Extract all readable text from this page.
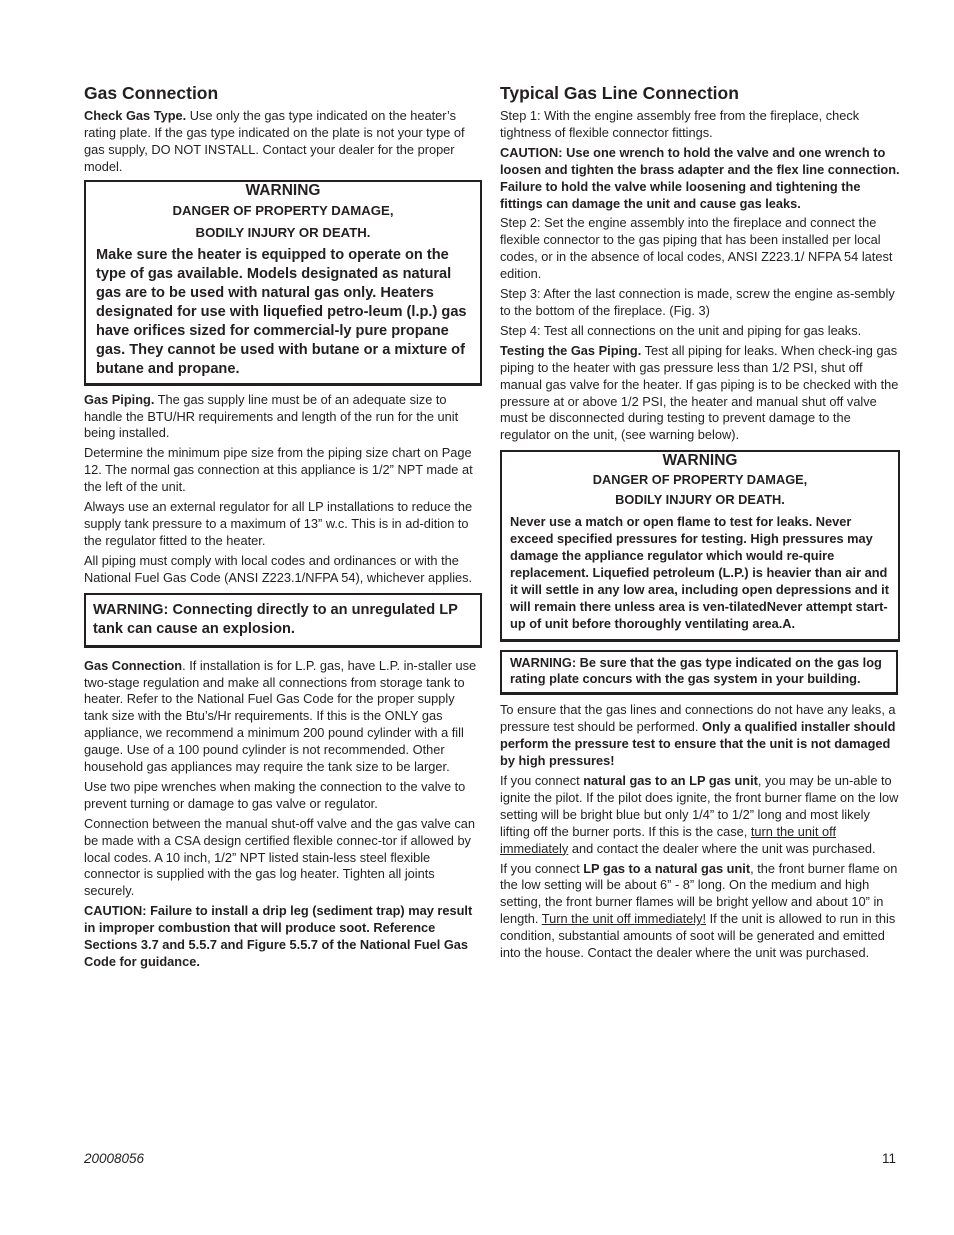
Gas Connection

Check Gas Type. Use only the gas type indicated on the heater’s rating plate. If the gas type indicated on the plate is not your type of gas supply, DO NOT INSTALL. Contact your dealer for the proper model.

WARNING
DANGER OF PROPERTY DAMAGE,
BODILY INJURY OR DEATH.
Make sure the heater is equipped to operate on the type of gas available. Models designated as natural gas are to be used with natural gas only. Heaters designated for use with liquefied petro-leum (l.p.) gas have orifices sized for commercial-ly pure propane gas. They cannot be used with butane or a mixture of butane and propane.

Gas Piping. The gas supply line must be of an adequate size to handle the BTU/HR requirements and length of the run for the unit being installed.

Determine the minimum pipe size from the piping size chart on Page 12. The normal gas connection at this appliance is 1/2” NPT made at the left of the unit.

Always use an external regulator for all LP installations to reduce the supply tank pressure to a maximum of 13” w.c. This is in ad-dition to the regulator fitted to the heater.

All piping must comply with local codes and ordinances or with the National Fuel Gas Code (ANSI Z223.1/NFPA 54), whichever applies.

WARNING: Connecting directly to an unregulated LP tank can cause an explosion.

Gas Connection. If installation is for L.P. gas, have L.P. in-staller use two-stage regulation and make all connections from storage tank to heater. Refer to the National Fuel Gas Code for the proper supply tank size with the Btu’s/Hr requirements. If this is the ONLY gas appliance, we recommend a minimum 200 pound cylinder with a fill gauge. Use of a 100 pound cylinder is not recommended. Other household gas appliances may require the tank size to be larger.

Use two pipe wrenches when making the connection to the valve to prevent turning or damage to gas valve or regulator.

Connection between the manual shut-off valve and the gas valve can be made with a CSA design certified flexible connec-tor if allowed by local codes. A 10 inch, 1/2” NPT listed stain-less steel flexible connector is supplied with the gas log heater. Tighten all joints securely.

CAUTION: Failure to install a drip leg (sediment trap) may result in improper combustion that will produce soot. Reference Sections 3.7 and 5.5.7 and Figure 5.5.7 of the National Fuel Gas Code for guidance.

Typical Gas Line Connection

Step 1: With the engine assembly free from the fireplace, check tightness of flexible connector fittings.

CAUTION: Use one wrench to hold the valve and one wrench to loosen and tighten the brass adapter and the flex line connection. Failure to hold the valve while loosening and tightening the fittings can damage the unit and cause gas leaks.

Step 2: Set the engine assembly into the fireplace and connect the flexible connector to the gas piping that has been installed per local codes, or in the absence of local codes, ANSI Z223.1/ NFPA 54 latest edition.

Step 3: After the last connection is made, screw the engine as-sembly to the bottom of the fireplace. (Fig. 3)

Step 4: Test all connections on the unit and piping for gas leaks.

Testing the Gas Piping. Test all piping for leaks. When check-ing gas piping to the heater with gas pressure less than 1/2 PSI, shut off manual gas valve for the heater. If gas piping is to be checked with the pressure at or above 1/2 PSI, the heater and manual shut off valve must be disconnected during testing to prevent damage to the regulator on the unit, (see warning below).

WARNING
DANGER OF PROPERTY DAMAGE,
BODILY INJURY OR DEATH.
Never use a match or open flame to test for leaks. Never exceed specified pressures for testing. High pressures may damage the appliance regulator which would re-quire replacement. Liquefied petroleum (L.P.) is heavier than air and it will settle in any low area, including open depressions and it will remain there unless area is ven-tilatedNever attempt start-up of unit before thoroughly ventilating area.A.
WARNING: Be sure that the gas type indicated on the gas log rating plate concurs with the gas system in your building.

To ensure that the gas lines and connections do not have any leaks, a pressure test should be performed. Only a qualified installer should perform the pressure test to ensure that the unit is not damaged by high pressures!

If you connect natural gas to an LP gas unit, you may be un-able to ignite the pilot. If the pilot does ignite, the front burner flame on the low setting will be bright blue but only 1/4” to 1/2” long and most likely lifting off the burner ports. If this is the case, turn the unit off immediately and contact the dealer where the unit was purchased.

If you connect LP gas to a natural gas unit, the front burner flame on the low setting will be about 6” - 8” long. On the medium and high setting, the front burner flames will be bright yellow and about 10” in length. Turn the unit off immediately! If the unit is allowed to run in this condition, substantial amounts of soot will be generated and emitted into the house. Contact the dealer where the unit was purchased.

20008056	11
